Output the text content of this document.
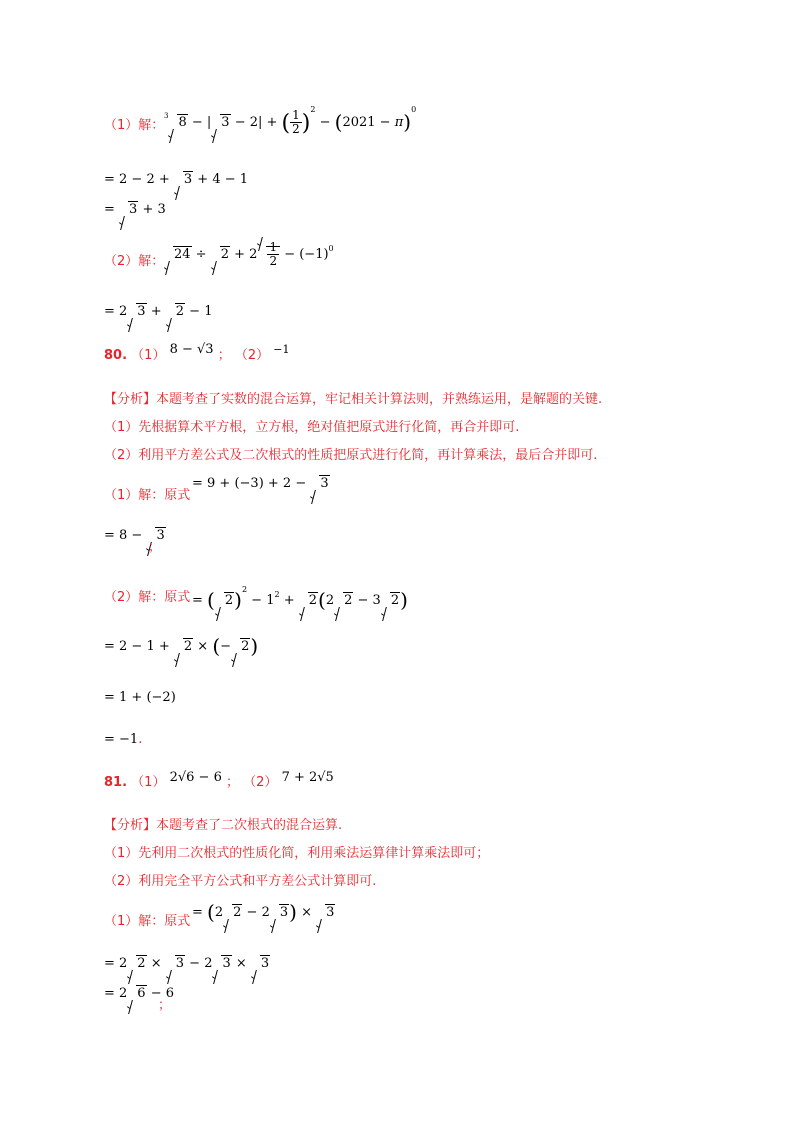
（1）解：
$^3$ 8 − | 3 − 2| + ( $\frac{1}{2} )^2 - (2021 - \pi)^0$
= 2 − 2 + 3 + 4 − 1
= 3 + 3
（2）解： $24 \div 2 + 2 \frac{1}{2} - (-1)^0$
= 2 3 + 2 − 1
80. （1） 8 − √3 ； （2） $^{-1}$
【分析】本题考查了实数的混合运算，牢记相关计算法则，并熟练运用，是解题的关键.
（1）先根据算术平方根，立方根，绝对值把原式进行化简，再合并即可.
（2）利用平方差公式及二次根式的性质把原式进行化简，再计算乘法，最后合并即可.
（1）解：原式
= 9 + (−3) + 2 − 3
= 8 − 3
；
（2）解：原式 = ( $2)^2 - 1^2 + 2(2$ 2 − 3 2)
= 2 − 1 + 2 × (− 2)
= 1 + (−2)
= −1.
81. （1） 2√6 − 6 ； （2） 7 + 2√5
【分析】本题考查了二次根式的混合运算.
（1）先利用二次根式的性质化简，利用乘法运算律计算乘法即可；
（2）利用完全平方公式和平方差公式计算即可.
（1）解：原式
= (2 2 − 2 3) × 3
= 2 2 × 3 − 2 3 × 3
= 2 6 − 6
；
